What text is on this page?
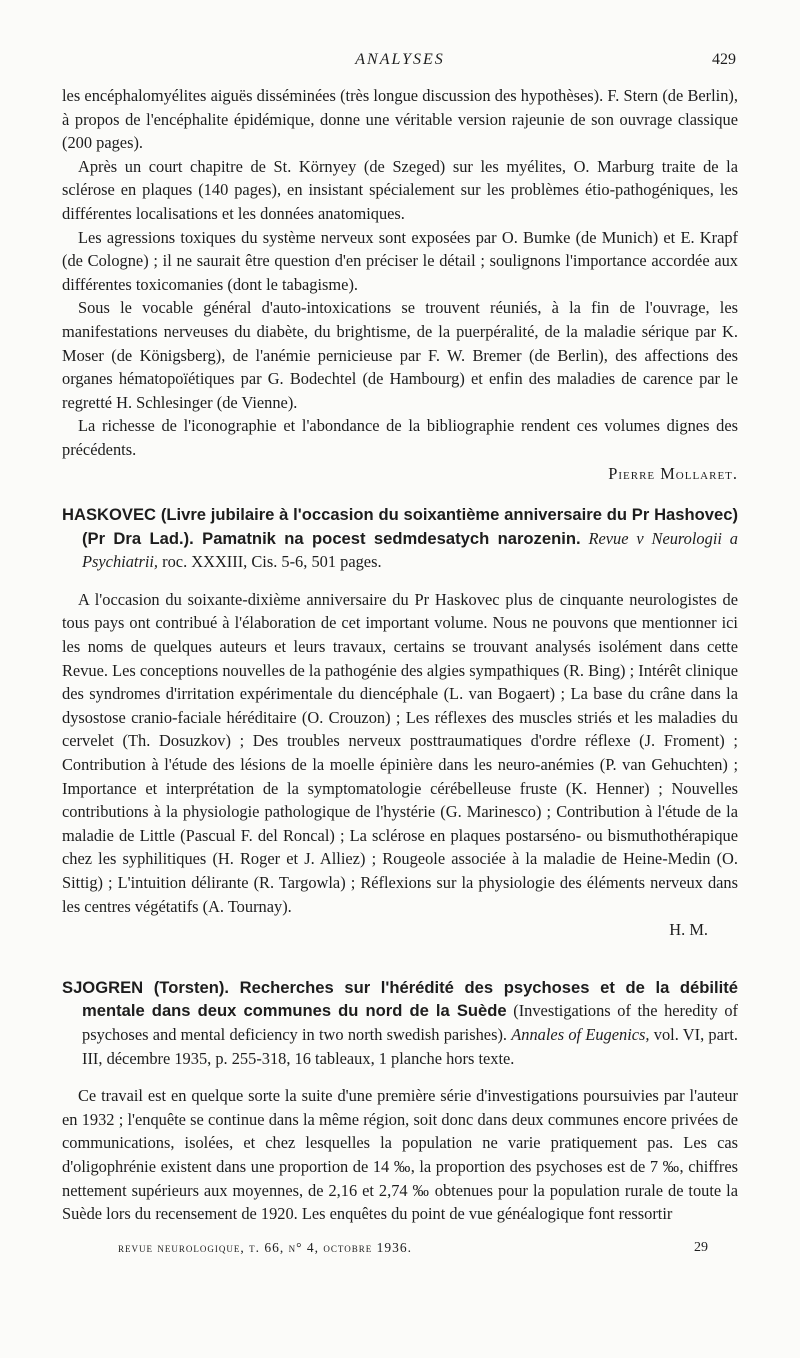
ANALYSES	429

les encéphalomyélites aiguës disséminées (très longue discussion des hypothèses). F. Stern (de Berlin), à propos de l'encéphalite épidémique, donne une véritable version rajeunie de son ouvrage classique (200 pages).

Après un court chapitre de St. Környey (de Szeged) sur les myélites, O. Marburg traite de la sclérose en plaques (140 pages), en insistant spécialement sur les problèmes étio-pathogéniques, les différentes localisations et les données anatomiques.

Les agressions toxiques du système nerveux sont exposées par O. Bumke (de Munich) et E. Krapf (de Cologne) ; il ne saurait être question d'en préciser le détail ; soulignons l'importance accordée aux différentes toxicomanies (dont le tabagisme).

Sous le vocable général d'auto-intoxications se trouvent réuniés, à la fin de l'ouvrage, les manifestations nerveuses du diabète, du brightisme, de la puerpéralité, de la maladie sérique par K. Moser (de Königsberg), de l'anémie pernicieuse par F. W. Bremer (de Berlin), des affections des organes hématopoïétiques par G. Bodechtel (de Hambourg) et enfin des maladies de carence par le regretté H. Schlesinger (de Vienne).

La richesse de l'iconographie et l'abondance de la bibliographie rendent ces volumes dignes des précédents.

Pierre Mollaret.

HASKOVEC (Livre jubilaire à l'occasion du soixantième anniversaire du Pr Hashovec) (Pr Dra Lad.). Pamatnik na pocest sedmdesatych narozenin. Revue v Neurologii a Psychiatrii, roc. XXXIII, Cis. 5-6, 501 pages.

A l'occasion du soixante-dixième anniversaire du Pr Haskovec plus de cinquante neurologistes de tous pays ont contribué à l'élaboration de cet important volume. Nous ne pouvons que mentionner ici les noms de quelques auteurs et leurs travaux, certains se trouvant analysés isolément dans cette Revue. Les conceptions nouvelles de la pathogénie des algies sympathiques (R. Bing) ; Intérêt clinique des syndromes d'irritation expérimentale du diencéphale (L. van Bogaert) ; La base du crâne dans la dysostose cranio-faciale héréditaire (O. Crouzon) ; Les réflexes des muscles striés et les maladies du cervelet (Th. Dosuzkov) ; Des troubles nerveux posttraumatiques d'ordre réflexe (J. Froment) ; Contribution à l'étude des lésions de la moelle épinière dans les neuro-anémies (P. van Gehuchten) ; Importance et interprétation de la symptomatologie cérébelleuse fruste (K. Henner) ; Nouvelles contributions à la physiologie pathologique de l'hystérie (G. Marinesco) ; Contribution à l'étude de la maladie de Little (Pascual F. del Roncal) ; La sclérose en plaques postarséno- ou bismuthothérapique chez les syphilitiques (H. Roger et J. Alliez) ; Rougeole associée à la maladie de Heine-Medin (O. Sittig) ; L'intuition délirante (R. Targowla) ; Réflexions sur la physiologie des éléments nerveux dans les centres végétatifs (A. Tournay).

H. M.

SJOGREN (Torsten). Recherches sur l'hérédité des psychoses et de la débilité mentale dans deux communes du nord de la Suède (Investigations of the heredity of psychoses and mental deficiency in two north swedish parishes). Annales of Eugenics, vol. VI, part. III, décembre 1935, p. 255-318, 16 tableaux, 1 planche hors texte.

Ce travail est en quelque sorte la suite d'une première série d'investigations poursuivies par l'auteur en 1932 ; l'enquête se continue dans la même région, soit donc dans deux communes encore privées de communications, isolées, et chez lesquelles la population ne varie pratiquement pas. Les cas d'oligophrénie existent dans une proportion de 14 ‰, la proportion des psychoses est de 7 ‰, chiffres nettement supérieurs aux moyennes, de 2,16 et 2,74 ‰ obtenues pour la population rurale de toute la Suède lors du recensement de 1920. Les enquêtes du point de vue généalogique font ressortir

revue neurologique, t. 66, n° 4, octobre 1936.	29
